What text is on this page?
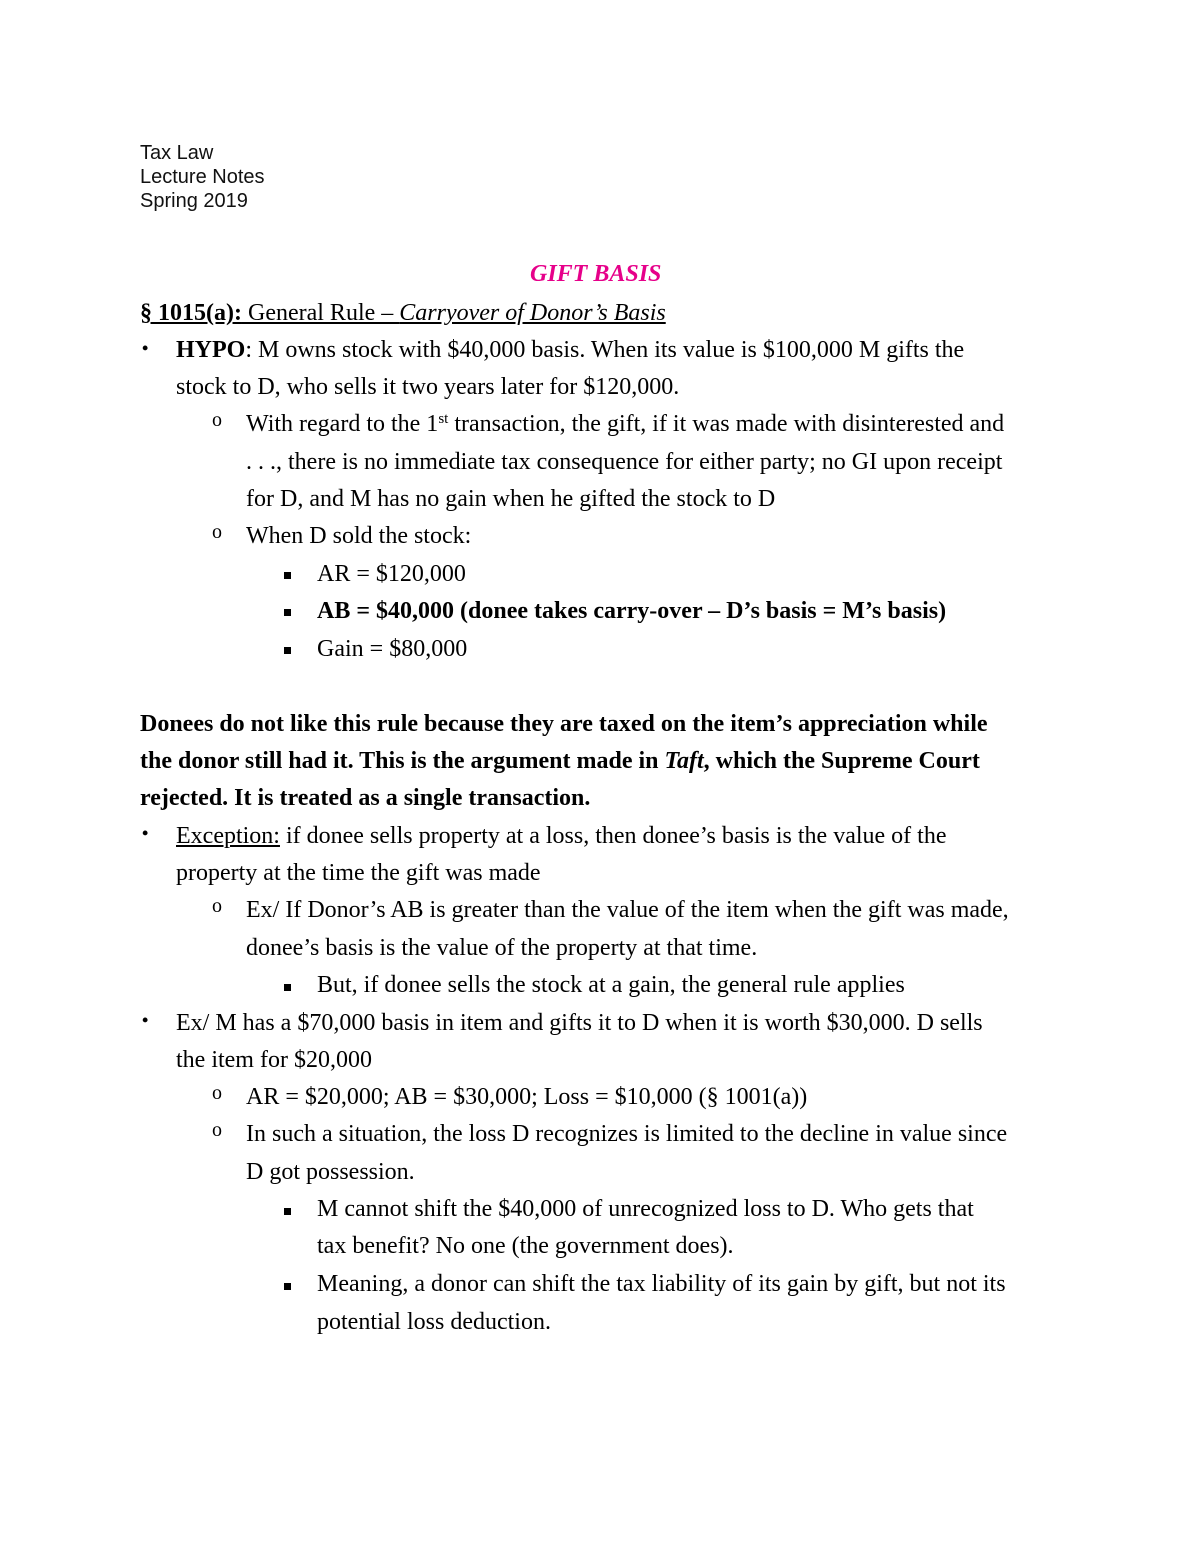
Tax Law
Lecture Notes
Spring 2019
GIFT BASIS
§ 1015(a): General Rule – Carryover of Donor’s Basis
• HYPO: M owns stock with $40,000 basis. When its value is $100,000 M gifts the
stock to D, who sells it two years later for $120,000.
o With regard to the 1st transaction, the gift, if it was made with disinterested and
. . ., there is no immediate tax consequence for either party; no GI upon receipt
for D, and M has no gain when he gifted the stock to D
o When D sold the stock:
AR = $120,000
AB = $40,000 (donee takes carry-over – D’s basis = M’s basis)
Gain = $80,000
Donees do not like this rule because they are taxed on the item’s appreciation while
the donor still had it. This is the argument made in Taft, which the Supreme Court
rejected. It is treated as a single transaction.
• Exception: if donee sells property at a loss, then donee’s basis is the value of the
property at the time the gift was made
o Ex/ If Donor’s AB is greater than the value of the item when the gift was made,
donee’s basis is the value of the property at that time.
But, if donee sells the stock at a gain, the general rule applies
• Ex/ M has a $70,000 basis in item and gifts it to D when it is worth $30,000. D sells
the item for $20,000
o AR = $20,000; AB = $30,000; Loss = $10,000 (§ 1001(a))
o In such a situation, the loss D recognizes is limited to the decline in value since
D got possession.
M cannot shift the $40,000 of unrecognized loss to D. Who gets that
tax benefit? No one (the government does).
Meaning, a donor can shift the tax liability of its gain by gift, but not its
potential loss deduction.
